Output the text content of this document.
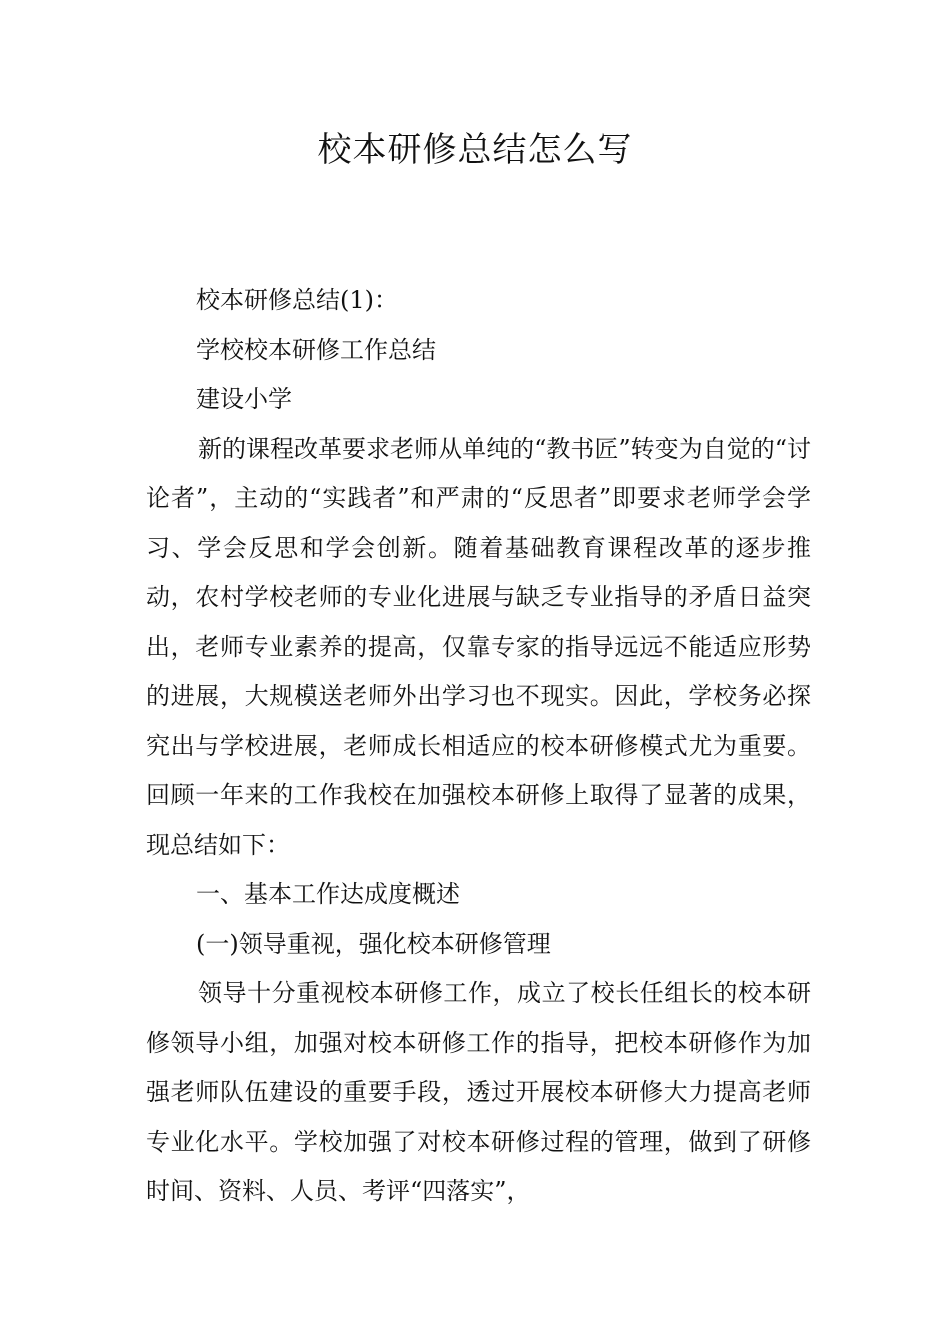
校本研修总结怎么写

校本研修总结(1)：

学校校本研修工作总结

建设小学

新的课程改革要求老师从单纯的“教书匠”转变为自觉的“讨论者”，主动的“实践者”和严肃的“反思者”即要求老师学会学习、学会反思和学会创新。随着基础教育课程改革的逐步推动，农村学校老师的专业化进展与缺乏专业指导的矛盾日益突出，老师专业素养的提高，仅靠专家的指导远远不能适应形势的进展，大规模送老师外出学习也不现实。因此，学校务必探究出与学校进展，老师成长相适应的校本研修模式尤为重要。回顾一年来的工作我校在加强校本研修上取得了显著的成果，现总结如下：

一、基本工作达成度概述

(一)领导重视，强化校本研修管理

领导十分重视校本研修工作，成立了校长任组长的校本研修领导小组，加强对校本研修工作的指导，把校本研修作为加强老师队伍建设的重要手段，透过开展校本研修大力提高老师专业化水平。学校加强了对校本研修过程的管理，做到了研修时间、资料、人员、考评“四落实”，
